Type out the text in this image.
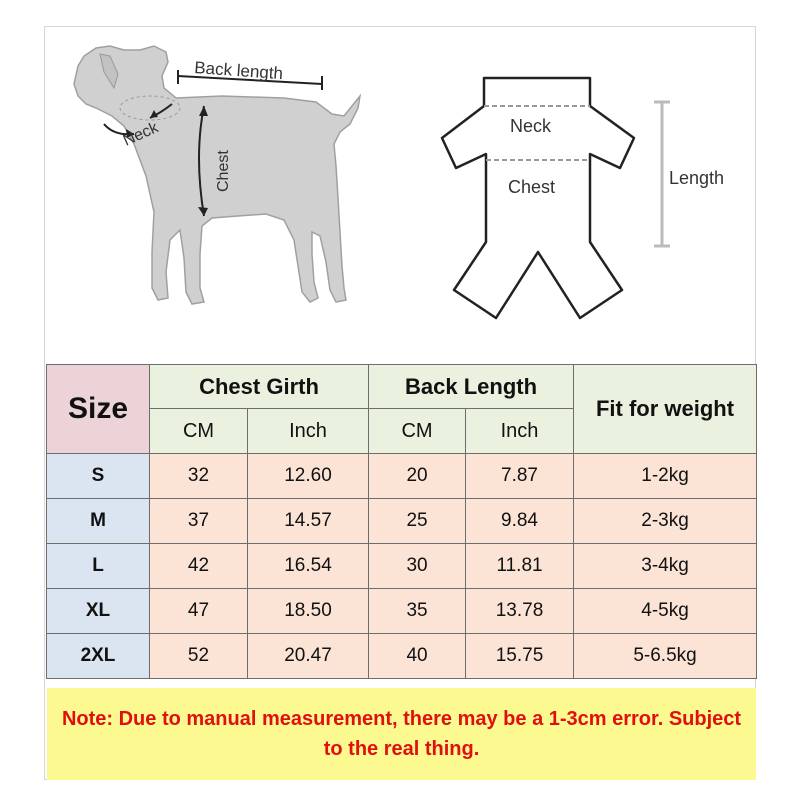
Back length
Neck
Chest
Neck
Chest	Length
Size	Chest Girth		Back Length		Fit for weight
	CM	Inch	CM	Inch	
S	32	12.60	20	7.87	1-2kg
M	37	14.57	25	9.84	2-3kg
L	42	16.54	30	11.81	3-4kg
XL	47	18.50	35	13.78	4-5kg
2XL	52	20.47	40	15.75	5-6.5kg
Note: Due to manual measurement, there may be a 1-3cm error. Subject to the real thing.
